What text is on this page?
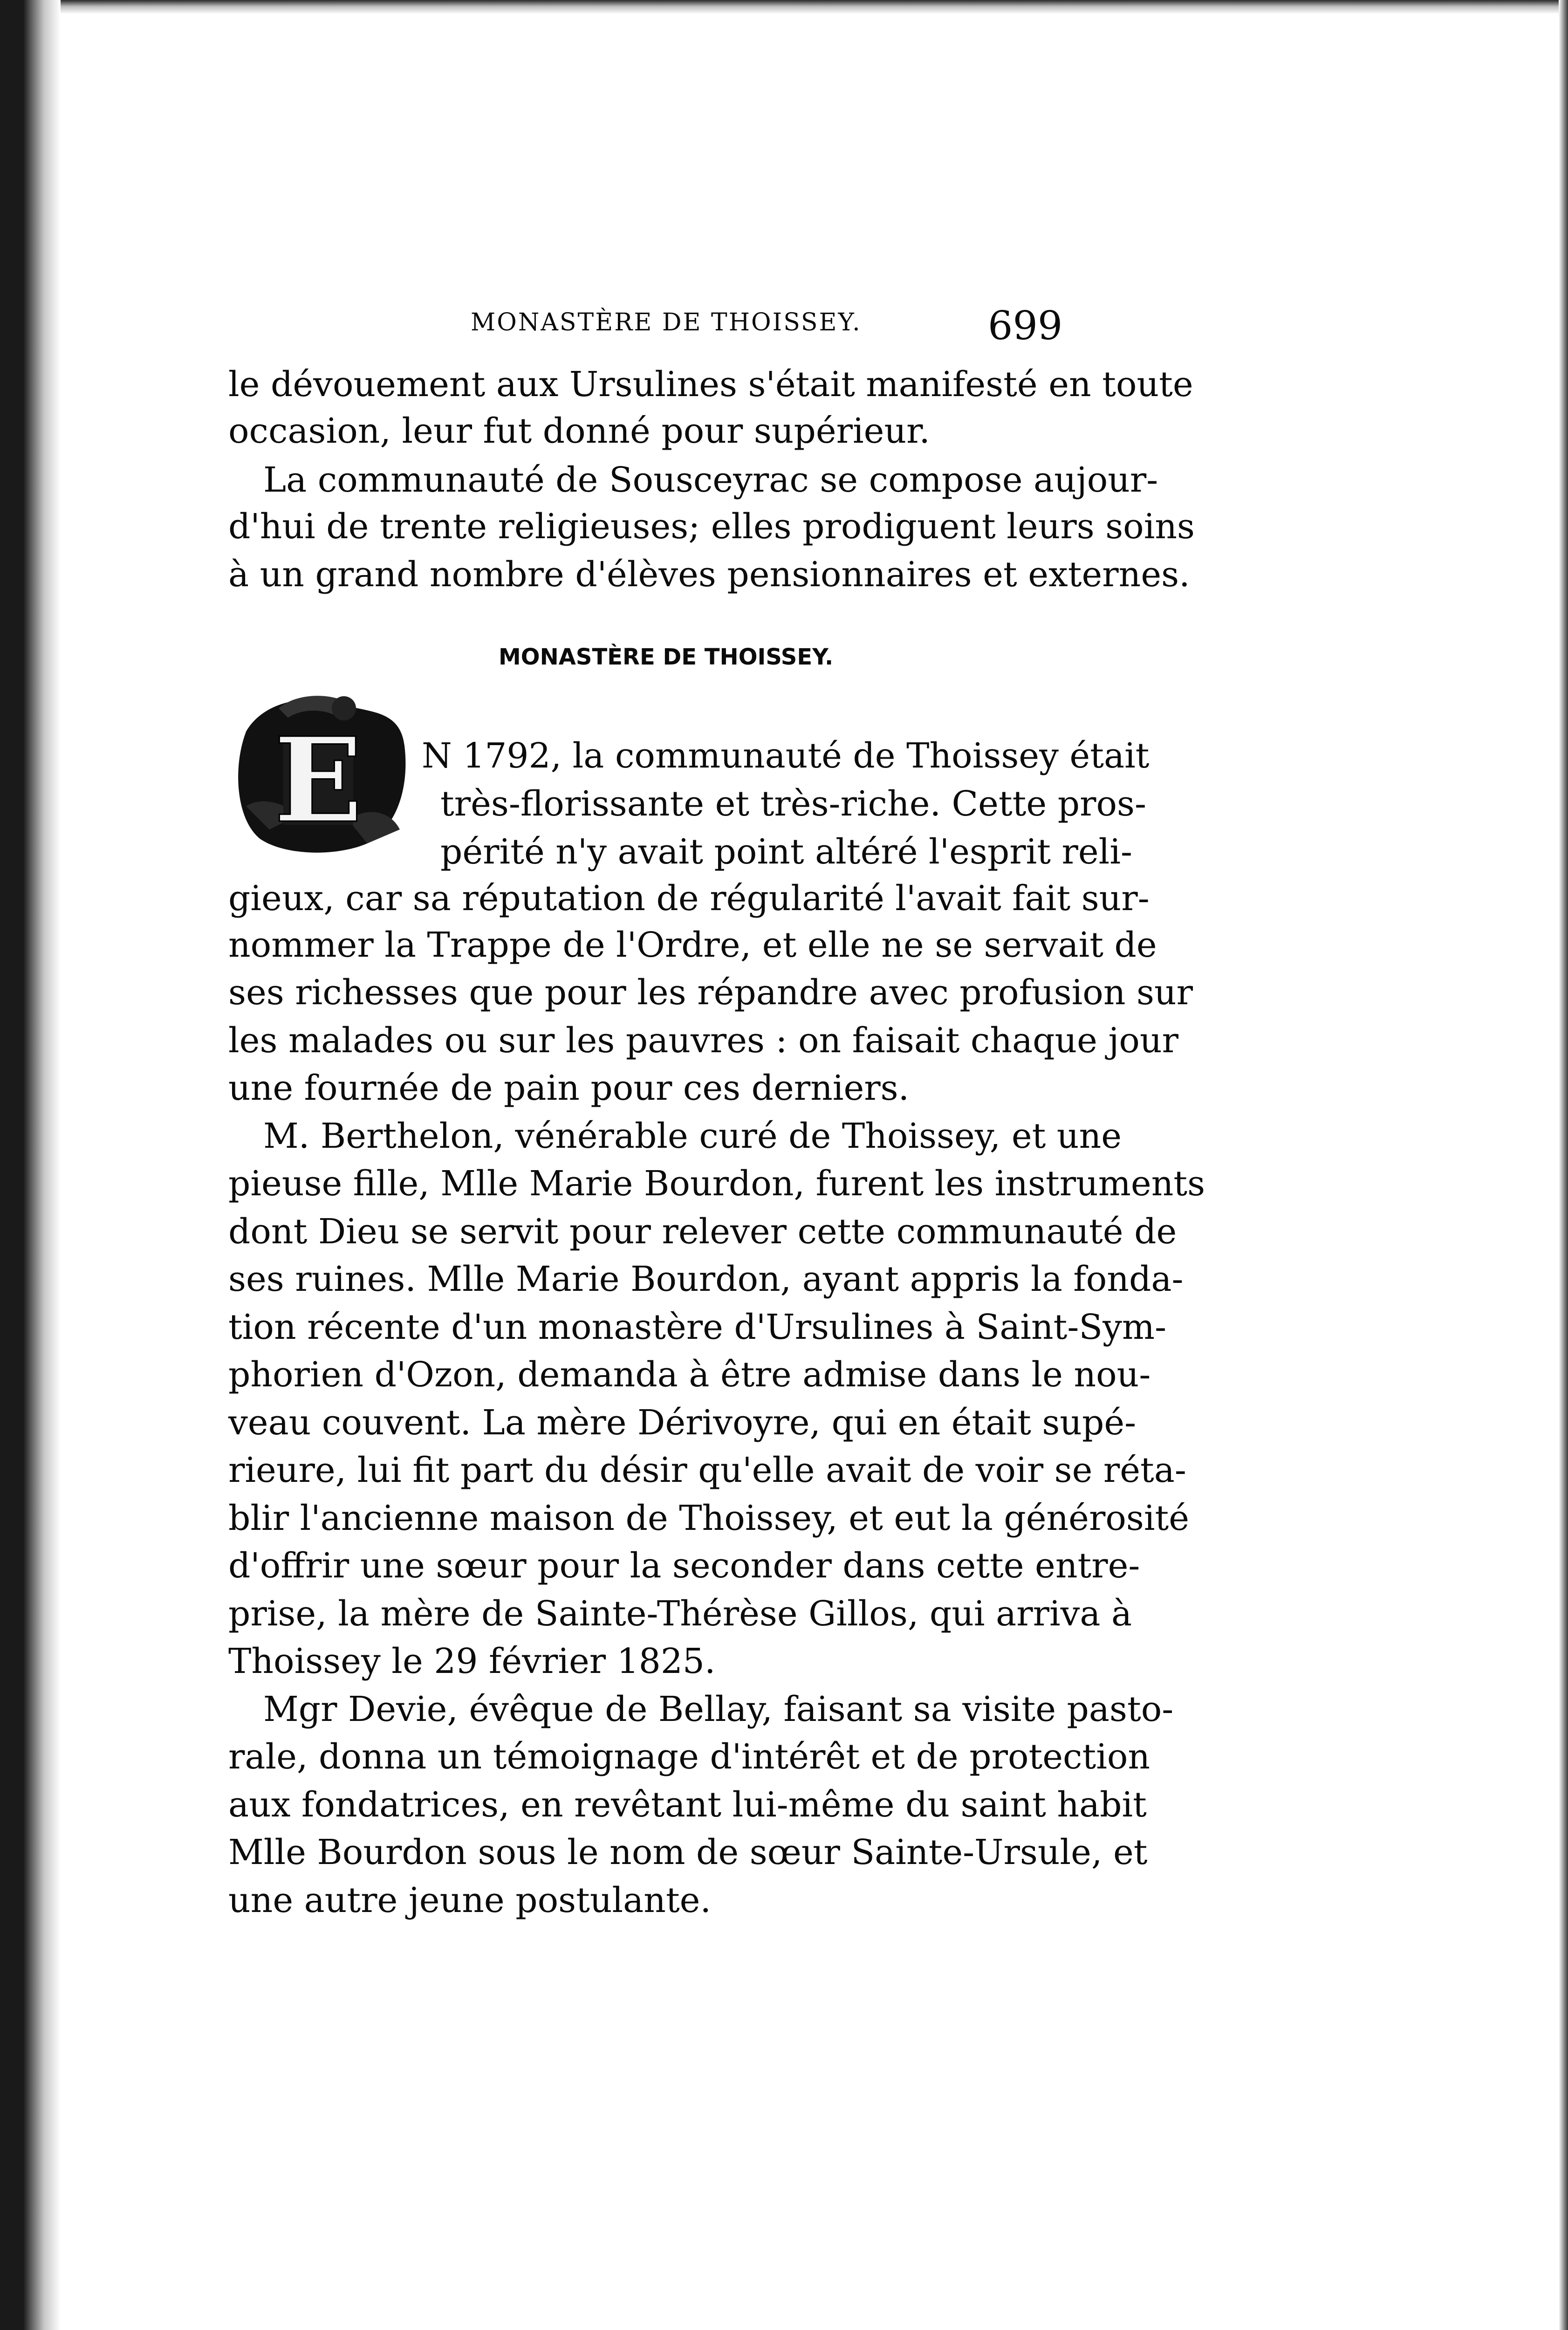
MONASTÈRE DE THOISSEY.	699
le dévouement aux Ursulines s'était manifesté en toute
occasion, leur fut donné pour supérieur.
La communauté de Sousceyrac se compose aujour-
d'hui de trente religieuses; elles prodiguent leurs soins
à un grand nombre d'élèves pensionnaires et externes.
MONASTÈRE DE THOISSEY.
E N 1792, la communauté de Thoissey était
très-florissante et très-riche. Cette pros-
périté n'y avait point altéré l'esprit reli-
gieux, car sa réputation de régularité l'avait fait sur-
nommer la Trappe de l'Ordre, et elle ne se servait de
ses richesses que pour les répandre avec profusion sur
les malades ou sur les pauvres : on faisait chaque jour
une fournée de pain pour ces derniers.
M. Berthelon, vénérable curé de Thoissey, et une
pieuse fille, Mlle Marie Bourdon, furent les instruments
dont Dieu se servit pour relever cette communauté de
ses ruines. Mlle Marie Bourdon, ayant appris la fonda-
tion récente d'un monastère d'Ursulines à Saint-Sym-
phorien d'Ozon, demanda à être admise dans le nou-
veau couvent. La mère Dérivoyre, qui en était supé-
rieure, lui fit part du désir qu'elle avait de voir se réta-
blir l'ancienne maison de Thoissey, et eut la générosité
d'offrir une sœur pour la seconder dans cette entre-
prise, la mère de Sainte-Thérèse Gillos, qui arriva à
Thoissey le 29 février 1825.
Mgr Devie, évêque de Bellay, faisant sa visite pasto-
rale, donna un témoignage d'intérêt et de protection
aux fondatrices, en revêtant lui-même du saint habit
Mlle Bourdon sous le nom de sœur Sainte-Ursule, et
une autre jeune postulante.
